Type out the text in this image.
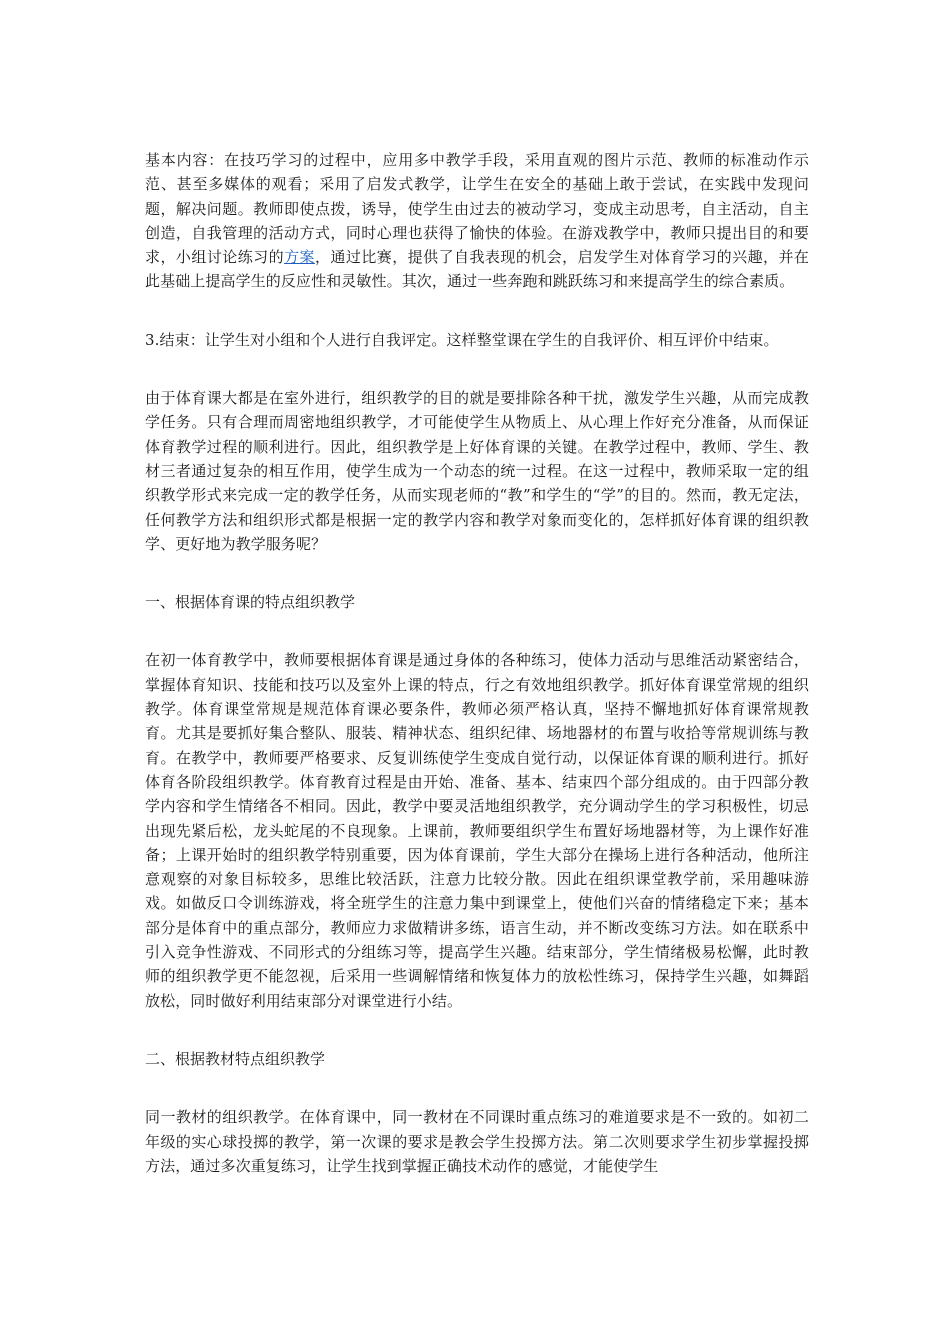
基本内容：在技巧学习的过程中，应用多中教学手段，采用直观的图片示范、教师的标准动作示范、甚至多媒体的观看；采用了启发式教学，让学生在安全的基础上敢于尝试，在实践中发现问题，解决问题。教师即使点拨，诱导，使学生由过去的被动学习，变成主动思考，自主活动，自主创造，自我管理的活动方式，同时心理也获得了愉快的体验。在游戏教学中，教师只提出目的和要求，小组讨论练习的方案，通过比赛，提供了自我表现的机会，启发学生对体育学习的兴趣，并在此基础上提高学生的反应性和灵敏性。其次，通过一些奔跑和跳跃练习和来提高学生的综合素质。

3.结束：让学生对小组和个人进行自我评定。这样整堂课在学生的自我评价、相互评价中结束。

由于体育课大都是在室外进行，组织教学的目的就是要排除各种干扰，激发学生兴趣，从而完成教学任务。只有合理而周密地组织教学，才可能使学生从物质上、从心理上作好充分准备，从而保证体育教学过程的顺利进行。因此，组织教学是上好体育课的关键。在教学过程中，教师、学生、教材三者通过复杂的相互作用，使学生成为一个动态的统一过程。在这一过程中，教师采取一定的组织教学形式来完成一定的教学任务，从而实现老师的“教”和学生的“学”的目的。然而，教无定法，任何教学方法和组织形式都是根据一定的教学内容和教学对象而变化的，怎样抓好体育课的组织教学、更好地为教学服务呢？

一、根据体育课的特点组织教学

在初一体育教学中，教师要根据体育课是通过身体的各种练习，使体力活动与思维活动紧密结合，掌握体育知识、技能和技巧以及室外上课的特点，行之有效地组织教学。抓好体育课堂常规的组织教学。体育课堂常规是规范体育课必要条件，教师必须严格认真，坚持不懈地抓好体育课常规教育。尤其是要抓好集合整队、服装、精神状态、组织纪律、场地器材的布置与收拾等常规训练与教育。在教学中，教师要严格要求、反复训练使学生变成自觉行动，以保证体育课的顺利进行。抓好体育各阶段组织教学。体育教育过程是由开始、准备、基本、结束四个部分组成的。由于四部分教学内容和学生情绪各不相同。因此，教学中要灵活地组织教学，充分调动学生的学习积极性，切忌出现先紧后松，龙头蛇尾的不良现象。上课前，教师要组织学生布置好场地器材等，为上课作好准备；上课开始时的组织教学特别重要，因为体育课前，学生大部分在操场上进行各种活动，他所注意观察的对象目标较多，思维比较活跃，注意力比较分散。因此在组织课堂教学前，采用趣味游戏。如做反口令训练游戏，将全班学生的注意力集中到课堂上，使他们兴奋的情绪稳定下来；基本部分是体育中的重点部分，教师应力求做精讲多练，语言生动，并不断改变练习方法。如在联系中引入竞争性游戏、不同形式的分组练习等，提高学生兴趣。结束部分，学生情绪极易松懈，此时教师的组织教学更不能忽视，后采用一些调解情绪和恢复体力的放松性练习，保持学生兴趣，如舞蹈放松，同时做好利用结束部分对课堂进行小结。

二、根据教材特点组织教学

同一教材的组织教学。在体育课中，同一教材在不同课时重点练习的难道要求是不一致的。如初二年级的实心球投掷的教学，第一次课的要求是教会学生投掷方法。第二次则要求学生初步掌握投掷方法，通过多次重复练习，让学生找到掌握正确技术动作的感觉，才能使学生
